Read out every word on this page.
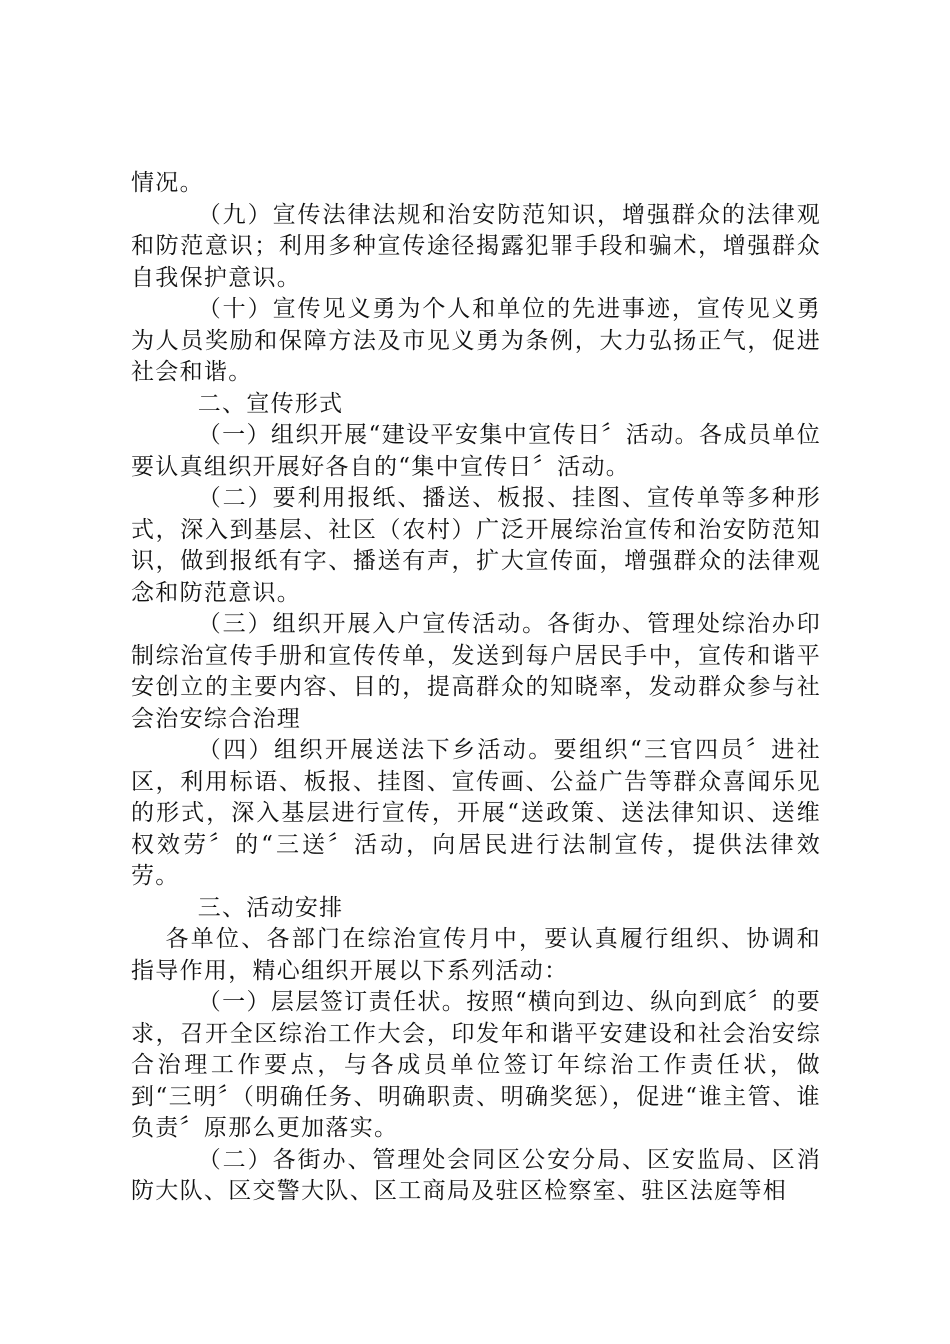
情况。

（九）宣传法律法规和治安防范知识，增强群众的法律观和防范意识；利用多种宣传途径揭露犯罪手段和骗术，增强群众自我保护意识。

（十）宣传见义勇为个人和单位的先进事迹，宣传见义勇为人员奖励和保障方法及市见义勇为条例，大力弘扬正气，促进社会和谐。

二、宣传形式

（一）组织开展“建设平安集中宣传日〞活动。各成员单位要认真组织开展好各自的“集中宣传日〞活动。

（二）要利用报纸、播送、板报、挂图、宣传单等多种形式，深入到基层、社区（农村）广泛开展综治宣传和治安防范知识，做到报纸有字、播送有声，扩大宣传面，增强群众的法律观念和防范意识。

（三）组织开展入户宣传活动。各街办、管理处综治办印制综治宣传手册和宣传传单，发送到每户居民手中，宣传和谐平安创立的主要内容、目的，提高群众的知晓率，发动群众参与社会治安综合治理

（四）组织开展送法下乡活动。要组织“三官四员〞进社区，利用标语、板报、挂图、宣传画、公益广告等群众喜闻乐见的形式，深入基层进行宣传，开展“送政策、送法律知识、送维权效劳〞的“三送〞活动，向居民进行法制宣传，提供法律效劳。

三、活动安排

各单位、各部门在综治宣传月中，要认真履行组织、协调和指导作用，精心组织开展以下系列活动：

（一）层层签订责任状。按照“横向到边、纵向到底〞的要求，召开全区综治工作大会，印发年和谐平安建设和社会治安综合治理工作要点，与各成员单位签订年综治工作责任状，做到“三明〞（明确任务、明确职责、明确奖惩），促进“谁主管、谁负责〞原那么更加落实。

（二）各街办、管理处会同区公安分局、区安监局、区消防大队、区交警大队、区工商局及驻区检察室、驻区法庭等相
